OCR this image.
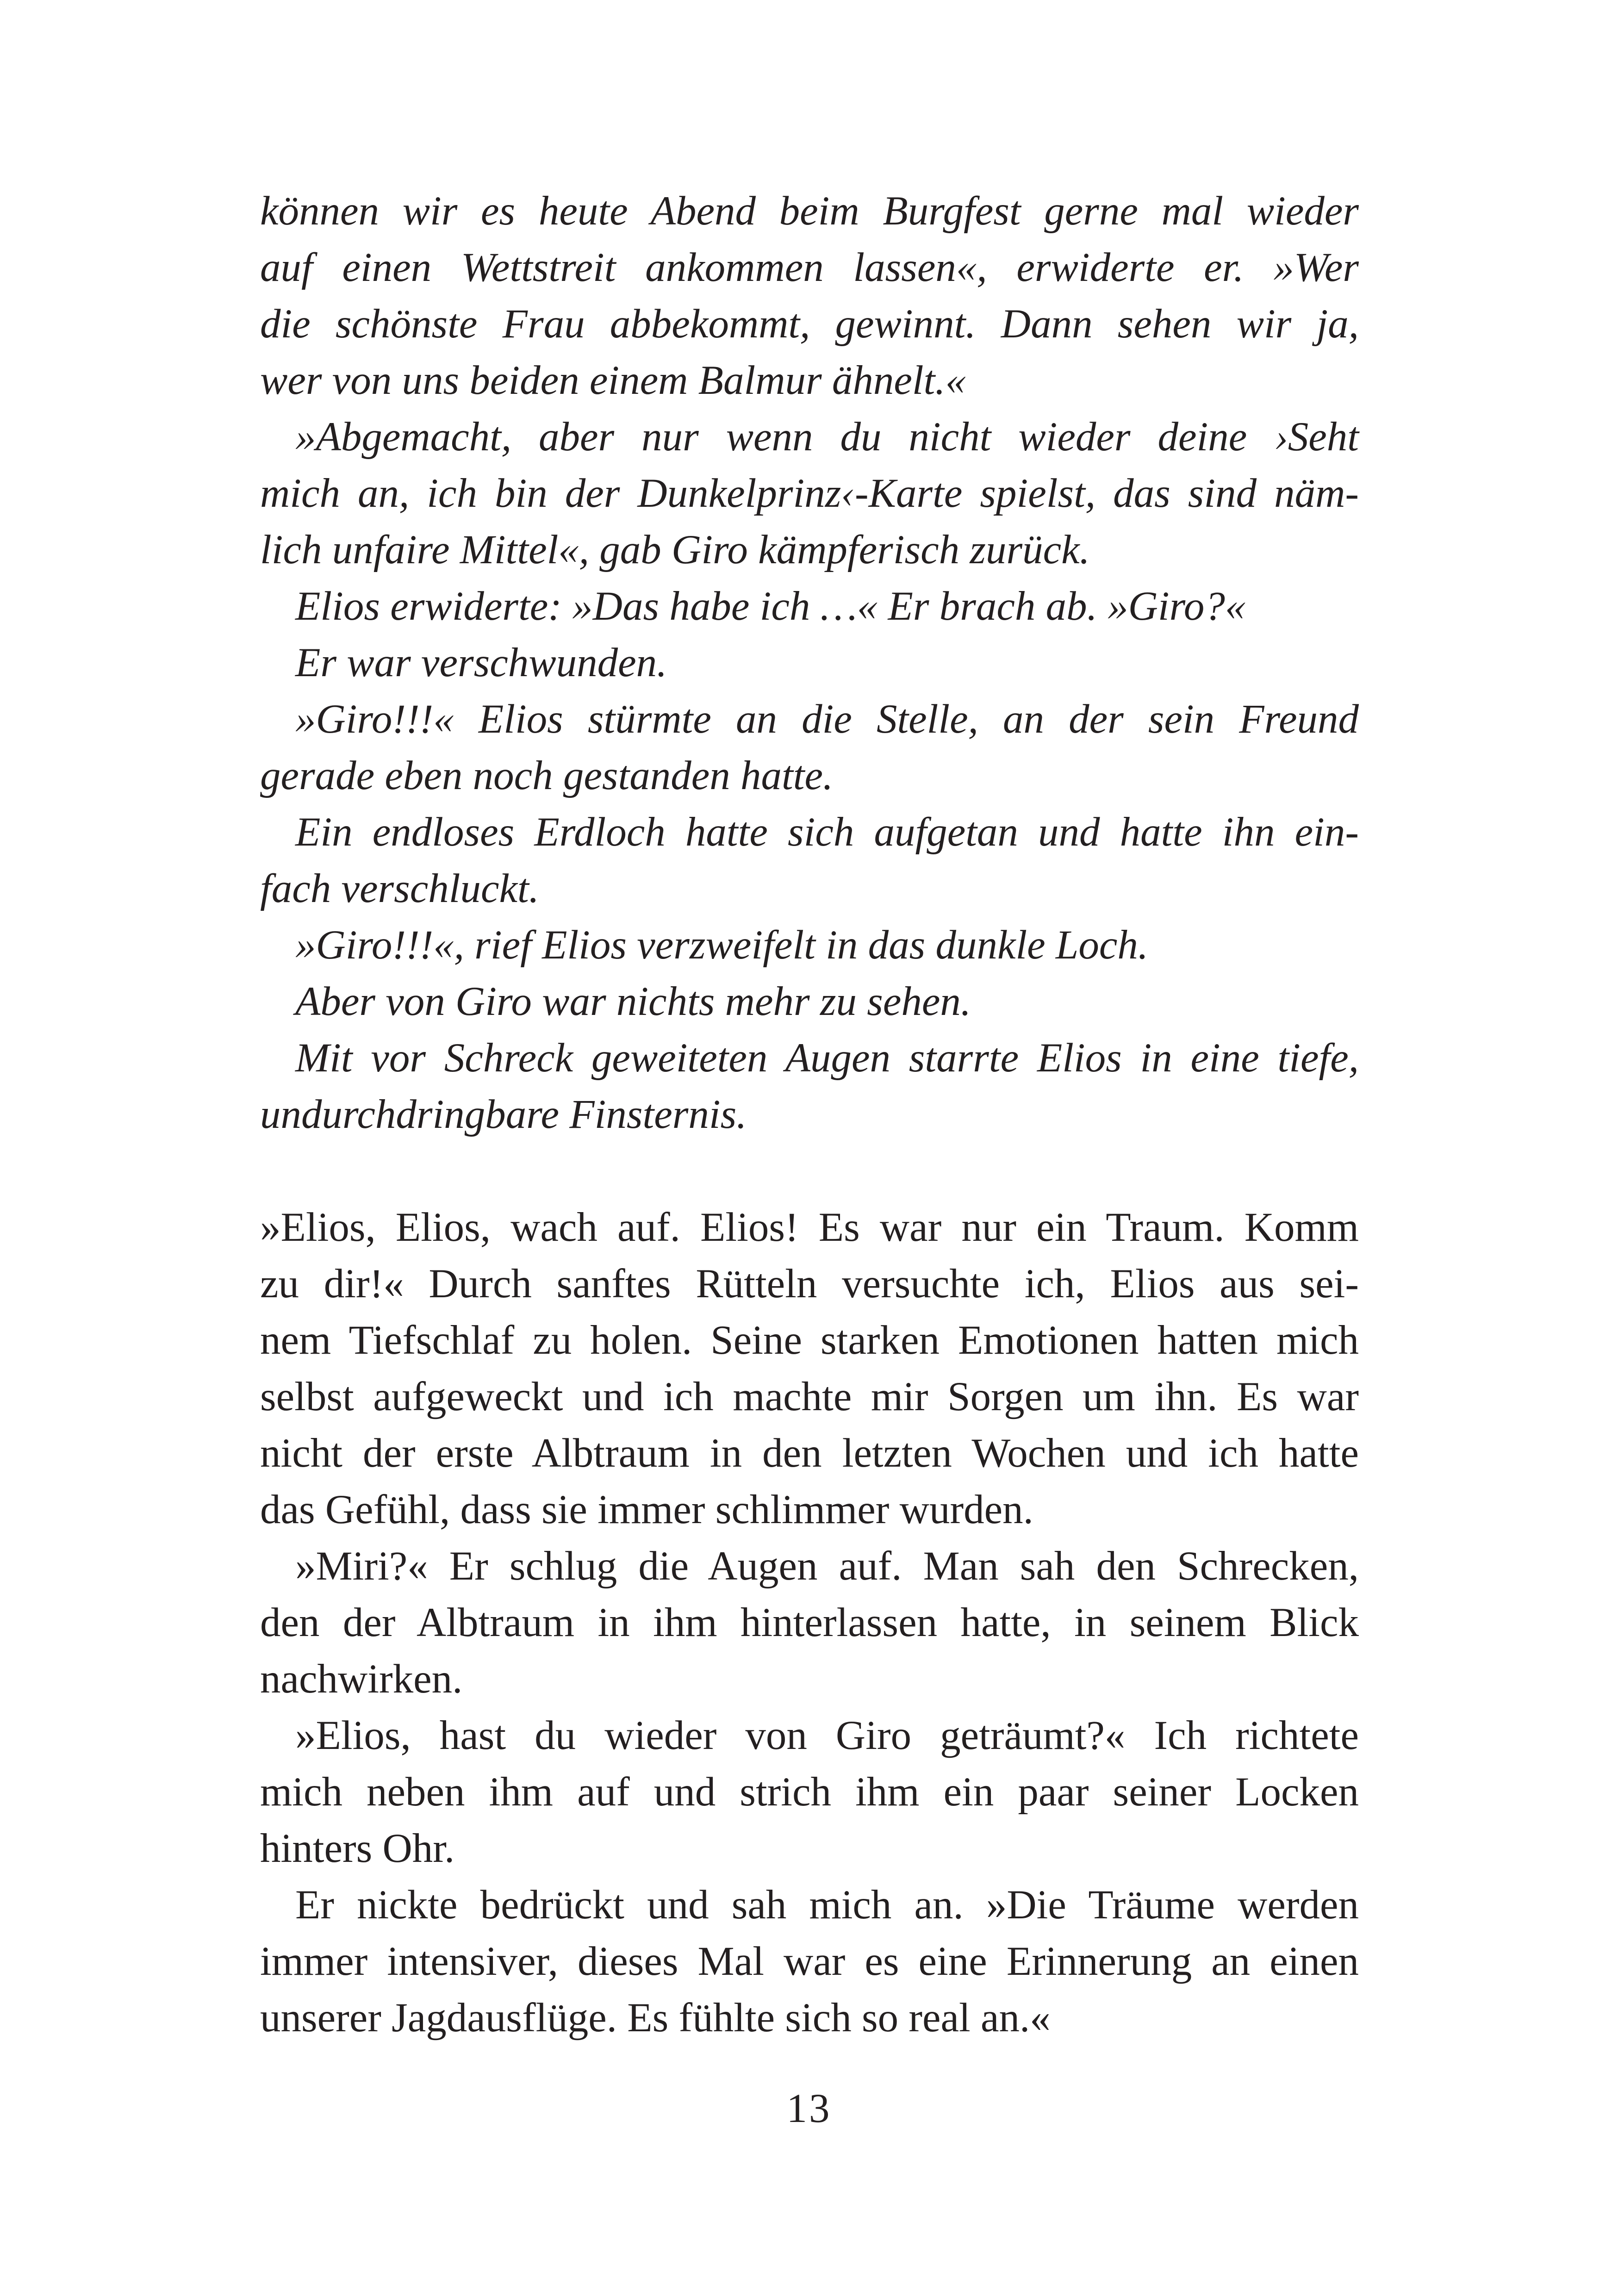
können wir es heute Abend beim Burgfest gerne mal wieder
auf einen Wettstreit ankommen lassen«, erwiderte er. »Wer
die schönste Frau abbekommt, gewinnt. Dann sehen wir ja,
wer von uns beiden einem Balmur ähnelt.«
»Abgemacht, aber nur wenn du nicht wieder deine ›Seht
mich an, ich bin der Dunkelprinz‹-Karte spielst, das sind näm-
lich unfaire Mittel«, gab Giro kämpferisch zurück.
Elios erwiderte: »Das habe ich …« Er brach ab. »Giro?«
Er war verschwunden.
»Giro!!!« Elios stürmte an die Stelle, an der sein Freund
gerade eben noch gestanden hatte.
Ein endloses Erdloch hatte sich aufgetan und hatte ihn ein-
fach verschluckt.
»Giro!!!«, rief Elios verzweifelt in das dunkle Loch.
Aber von Giro war nichts mehr zu sehen.
Mit vor Schreck geweiteten Augen starrte Elios in eine tiefe,
undurchdringbare Finsternis.
»Elios, Elios, wach auf. Elios! Es war nur ein Traum. Komm
zu dir!« Durch sanftes Rütteln versuchte ich, Elios aus sei-
nem Tiefschlaf zu holen. Seine starken Emotionen hatten mich
selbst aufgeweckt und ich machte mir Sorgen um ihn. Es war
nicht der erste Albtraum in den letzten Wochen und ich hatte
das Gefühl, dass sie immer schlimmer wurden.
»Miri?« Er schlug die Augen auf. Man sah den Schrecken,
den der Albtraum in ihm hinterlassen hatte, in seinem Blick
nachwirken.
»Elios, hast du wieder von Giro geträumt?« Ich richtete
mich neben ihm auf und strich ihm ein paar seiner Locken
hinters Ohr.
Er nickte bedrückt und sah mich an. »Die Träume werden
immer intensiver, dieses Mal war es eine Erinnerung an einen
unserer Jagdausflüge. Es fühlte sich so real an.«
13
